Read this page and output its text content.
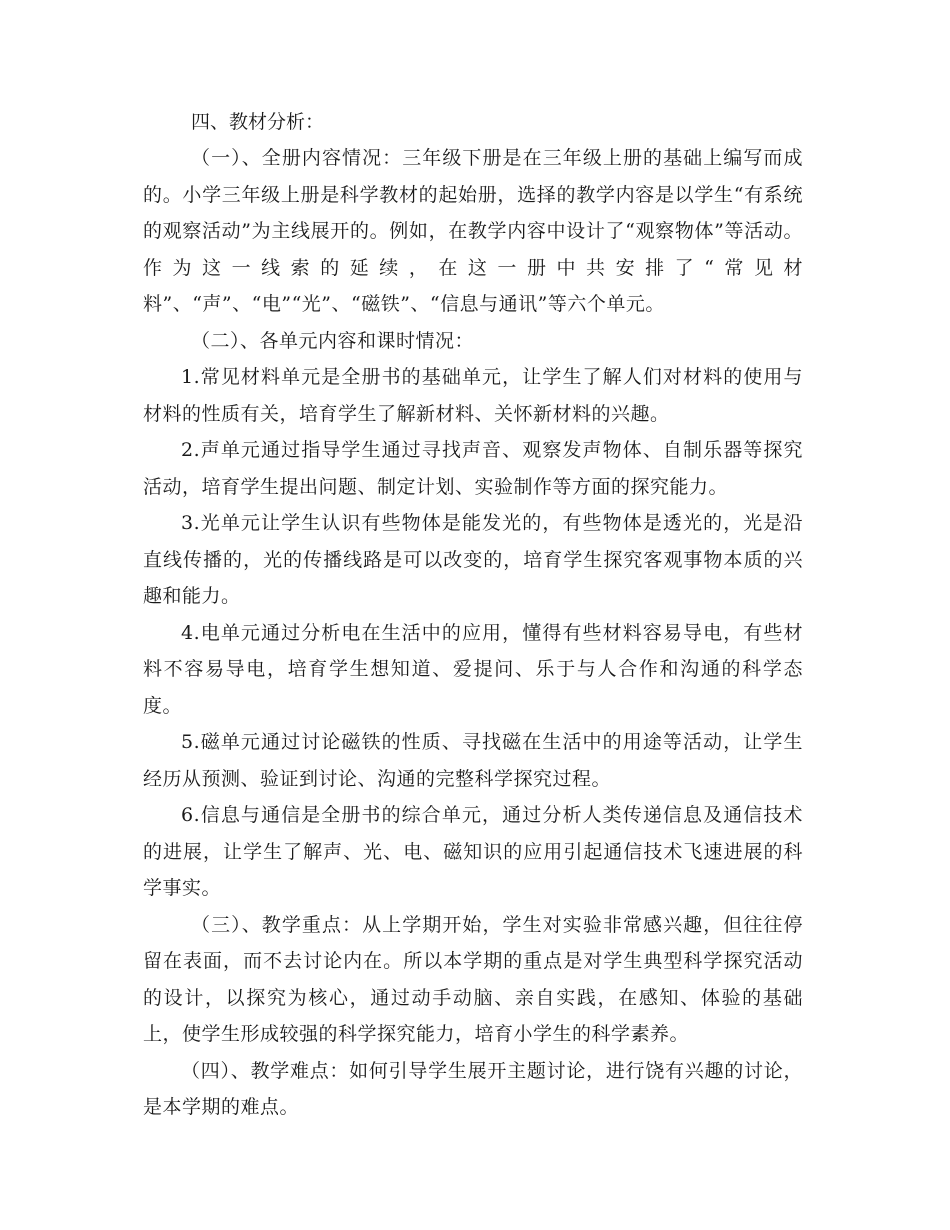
四、教材分析：

（一）、全册内容情况：三年级下册是在三年级上册的基础上编写而成的。小学三年级上册是科学教材的起始册，选择的教学内容是以学生“有系统的观察活动”为主线展开的。例如，在教学内容中设计了“观察物体”等活动。作为这一线索的延续，在这一册中共安排了“常见材料”、“声”、“电”“光”、“磁铁”、“信息与通讯”等六个单元。

（二）、各单元内容和课时情况：

1.常见材料单元是全册书的基础单元，让学生了解人们对材料的使用与材料的性质有关，培育学生了解新材料、关怀新材料的兴趣。

2.声单元通过指导学生通过寻找声音、观察发声物体、自制乐器等探究活动，培育学生提出问题、制定计划、实验制作等方面的探究能力。

3.光单元让学生认识有些物体是能发光的，有些物体是透光的，光是沿直线传播的，光的传播线路是可以改变的，培育学生探究客观事物本质的兴趣和能力。

4.电单元通过分析电在生活中的应用，懂得有些材料容易导电，有些材料不容易导电，培育学生想知道、爱提问、乐于与人合作和沟通的科学态度。

5.磁单元通过讨论磁铁的性质、寻找磁在生活中的用途等活动，让学生经历从预测、验证到讨论、沟通的完整科学探究过程。

6.信息与通信是全册书的综合单元，通过分析人类传递信息及通信技术的进展，让学生了解声、光、电、磁知识的应用引起通信技术飞速进展的科学事实。

（三）、教学重点：从上学期开始，学生对实验非常感兴趣，但往往停留在表面，而不去讨论内在。所以本学期的重点是对学生典型科学探究活动的设计，以探究为核心，通过动手动脑、亲自实践，在感知、体验的基础上，使学生形成较强的科学探究能力，培育小学生的科学素养。

（四）、教学难点：如何引导学生展开主题讨论，进行饶有兴趣的讨论，是本学期的难点。
